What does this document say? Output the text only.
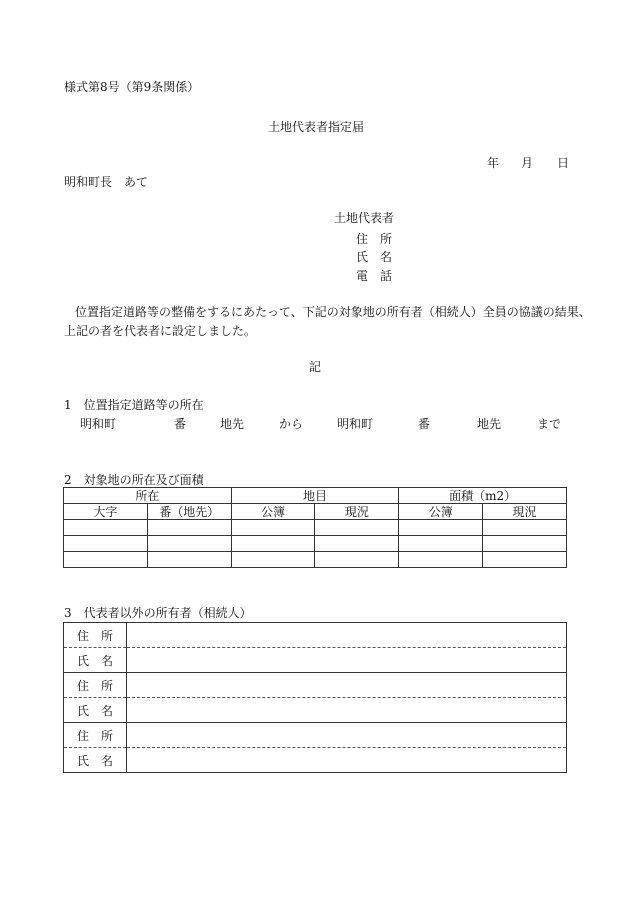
様式第8号（第9条関係）
土地代表者指定届
年 月 日
明和町長　あて
土地代表者
住　所
氏　名
電　話
位置指定道路等の整備をするにあたって、下記の対象地の所有者（相続人）全員の協議の結果、
上記の者を代表者に設定しました。
記
1　位置指定道路等の所在
明和町	番	地先	から	明和町	番	地先	まで
2　対象地の所在及び面積
所在		地目		面積（m2）	
大字	番（地先）	公簿	現況	公簿	現況

3　代表者以外の所有者（相続人）
住　所	
氏　名	
住　所	
氏　名	
住　所	
氏　名	
